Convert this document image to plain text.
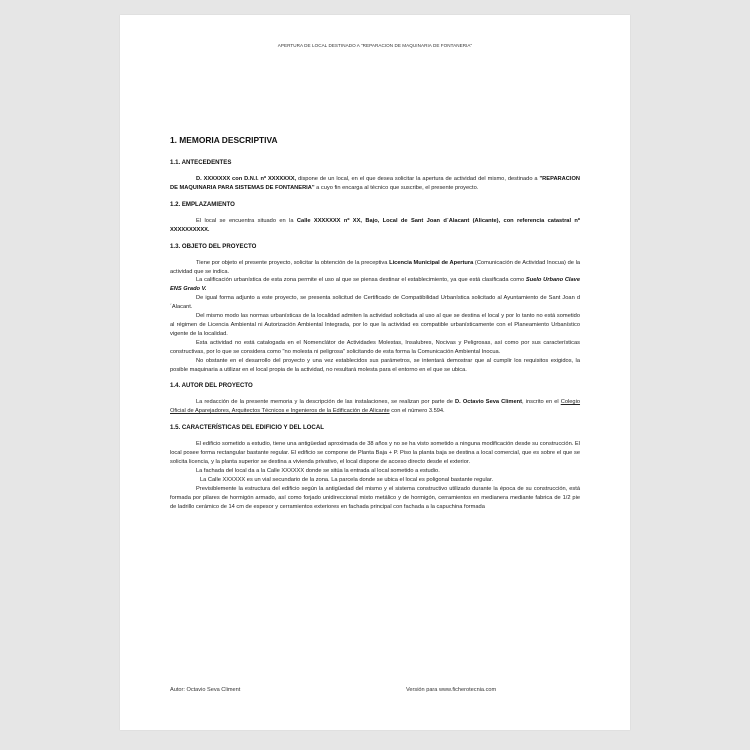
APERTURA DE LOCAL DESTINADO A "REPARACION DE MAQUINARIA DE FONTANERIA"
1. MEMORIA DESCRIPTIVA
1.1. ANTECEDENTES

D. XXXXXXX con D.N.I. nº XXXXXXX, dispone de un local, en el que desea solicitar la apertura de actividad del mismo, destinado a "REPARACION DE MAQUINARIA PARA SISTEMAS DE FONTANERIA" a cuyo fin encarga al técnico que suscribe, el presente proyecto.

1.2. EMPLAZAMIENTO

El local se encuentra situado en la Calle XXXXXXX nº XX, Bajo, Local de Sant Joan d´Alacant (Alicante), con referencia catastral nº XXXXXXXXXX.

1.3. OBJETO DEL PROYECTO

Tiene por objeto el presente proyecto, solicitar la obtención de la preceptiva Licencia Municipal de Apertura (Comunicación de Actividad Inocua) de la actividad que se indica.

La calificación urbanística de esta zona permite el uso al que se piensa destinar el establecimiento, ya que está clasificada como Suelo Urbano Clave ENS Grado V.

De igual forma adjunto a este proyecto, se presenta solicitud de Certificado de Compatibilidad Urbanística solicitado al Ayuntamiento de Sant Joan d´Alacant.

Del mismo modo las normas urbanísticas de la localidad admiten la actividad solicitada al uso al que se destina el local y por lo tanto no está sometido al régimen de Licencia Ambiental ni Autorización Ambiental Integrada, por lo que la actividad es compatible urbanísticamente con el Planeamiento Urbanístico vigente de la localidad.

Esta actividad no está catalogada en el Nomenclátor de Actividades Molestas, Insalubres, Nocivas y Peligrosas, así como por sus características constructivas, por lo que se considera como "no molesta ni peligrosa" solicitando de esta forma la Comunicación Ambiental Inocua.

No obstante en el desarrollo del proyecto y una vez establecidos sus parámetros, se intentará demostrar que al cumplir los requisitos exigidos, la posible maquinaria a utilizar en el local propia de la actividad, no resultará molesta para el entorno en el que se ubica.

1.4. AUTOR DEL PROYECTO

La redacción de la presente memoria y la descripción de las instalaciones, se realizan por parte de D. Octavio Seva Climent, inscrito en el Colegio Oficial de Aparejadores, Arquitectos Técnicos e Ingenieros de la Edificación de Alicante con el número 3.594.

1.5. CARACTERÍSTICAS DEL EDIFICIO Y DEL LOCAL

El edificio sometido a estudio, tiene una antigüedad aproximada de 38 años y no se ha visto sometido a ninguna modificación desde su construcción. El local posee forma rectangular bastante regular. El edificio se compone de Planta Baja + P. Piso la planta baja se destina a local comercial, que es sobre el que se solicita licencia, y la planta superior se destina a vivienda privativo, el local dispone de acceso directo desde el exterior.

La fachada del local da a la Calle XXXXXX donde se sitúa la entrada al local sometido a estudio.

La Calle XXXXXX es un vial secundario de la zona. La parcela donde se ubica el local es poligonal bastante regular.

Previsiblemente la estructura del edificio según la antigüedad del mismo y el sistema constructivo utilizado durante la época de su construcción, está formada por pilares de hormigón armado, así como forjado unidireccional mixto metálico y de hormigón, cerramientos en medianera mediante fabrica de 1/2 pie de ladrillo cerámico de 14 cm de espesor y cerramientos exteriores en fachada principal con fachada a la capuchina formada

Autor: Octavio Seva Climent	Versión para www.ficherotecnia.com
